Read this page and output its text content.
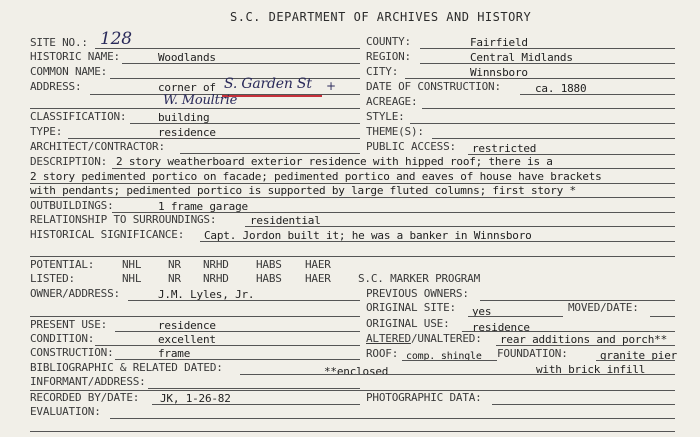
S.C. DEPARTMENT OF ARCHIVES AND HISTORY
SITE NO.: 128
HISTORIC NAME:	Woodlands
COMMON NAME:
ADDRESS:	corner of S. Garden St +
W. Moultrie
CLASSIFICATION:	building
TYPE:	residence
ARCHITECT/CONTRACTOR:
COUNTY:	Fairfield
REGION:	Central Midlands
CITY:	Winnsboro
DATE OF CONSTRUCTION:	ca. 1880
ACREAGE:
STYLE:
THEME(S):
PUBLIC ACCESS: restricted
DESCRIPTION: 2 story weatherboard exterior residence with hipped roof; there is a
2 story pedimented portico on facade; pedimented portico and eaves of house have brackets
with pendants; pedimented portico is supported by large fluted columns; first story *
OUTBUILDINGS:	1 frame garage
RELATIONSHIP TO SURROUNDINGS:	residential
HISTORICAL SIGNIFICANCE: Capt. Jordon built it; he was a banker in Winnsboro
POTENTIAL:	NHL NR NRHD HABS HAER
LISTED:	NHL NR NRHD HABS HAER S.C. MARKER PROGRAM
OWNER/ADDRESS:	J.M. Lyles, Jr.	PREVIOUS OWNERS:
ORIGINAL SITE: yes	MOVED/DATE:
PRESENT USE:	residence	ORIGINAL USE: residence
CONDITION:	excellent	ALTERED/UNALTERED: rear additions and porch**
CONSTRUCTION:	frame	ROOF: comp. shingle FOUNDATION:	granite pier
BIBLIOGRAPHIC & RELATED DATED:	**enclosed	with brick infill
INFORMANT/ADDRESS:
RECORDED BY/DATE: JK, 1-26-82	PHOTOGRAPHIC DATA:
EVALUATION:
